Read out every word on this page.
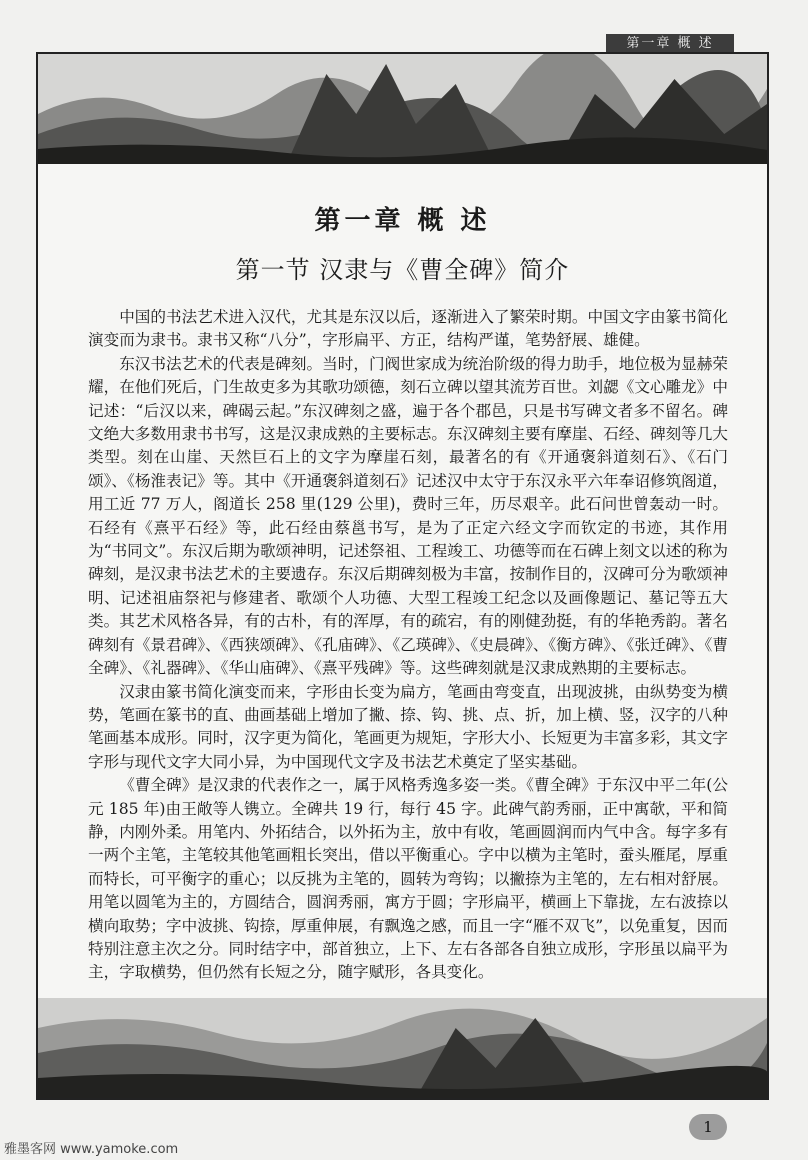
第一章 概 述
第一章 概 述
第一节 汉隶与《曹全碑》简介

中国的书法艺术进入汉代，尤其是东汉以后，逐渐进入了繁荣时期。中国文字由篆书简化演变而为隶书。隶书又称“八分”，字形扁平、方正，结构严谨，笔势舒展、雄健。

东汉书法艺术的代表是碑刻。当时，门阀世家成为统治阶级的得力助手，地位极为显赫荣耀，在他们死后，门生故吏多为其歌功颂德，刻石立碑以望其流芳百世。刘勰《文心雕龙》中记述：“后汉以来，碑碣云起。”东汉碑刻之盛，遍于各个郡邑，只是书写碑文者多不留名。碑文绝大多数用隶书书写，这是汉隶成熟的主要标志。东汉碑刻主要有摩崖、石经、碑刻等几大类型。刻在山崖、天然巨石上的文字为摩崖石刻，最著名的有《开通褒斜道刻石》、《石门颂》、《杨淮表记》等。其中《开通褒斜道刻石》记述汉中太守于东汉永平六年奉诏修筑阁道，用工近 77 万人，阁道长 258 里(129 公里)，费时三年，历尽艰辛。此石问世曾轰动一时。石经有《熹平石经》等，此石经由蔡邕书写，是为了正定六经文字而钦定的书迹，其作用为“书同文”。东汉后期为歌颂神明，记述祭祖、工程竣工、功德等而在石碑上刻文以述的称为碑刻，是汉隶书法艺术的主要遗存。东汉后期碑刻极为丰富，按制作目的，汉碑可分为歌颂神明、记述祖庙祭祀与修建者、歌颂个人功德、大型工程竣工纪念以及画像题记、墓记等五大类。其艺术风格各异，有的古朴，有的浑厚，有的疏宕，有的刚健劲挺，有的华艳秀韵。著名碑刻有《景君碑》、《西狭颂碑》、《孔庙碑》、《乙瑛碑》、《史晨碑》、《衡方碑》、《张迁碑》、《曹全碑》、《礼器碑》、《华山庙碑》、《熹平残碑》等。这些碑刻就是汉隶成熟期的主要标志。

汉隶由篆书简化演变而来，字形由长变为扁方，笔画由弯变直，出现波挑，由纵势变为横势，笔画在篆书的直、曲画基础上增加了撇、捺、钩、挑、点、折，加上横、竖，汉字的八种笔画基本成形。同时，汉字更为简化，笔画更为规矩，字形大小、长短更为丰富多彩，其文字字形与现代文字大同小异，为中国现代文字及书法艺术奠定了坚实基础。

《曹全碑》是汉隶的代表作之一，属于风格秀逸多姿一类。《曹全碑》于东汉中平二年(公元 185 年)由王敞等人镌立。全碑共 19 行，每行 45 字。此碑气韵秀丽，正中寓欹，平和简静，内刚外柔。用笔内、外拓结合，以外拓为主，放中有收，笔画圆润而内气中含。每字多有一两个主笔，主笔较其他笔画粗长突出，借以平衡重心。字中以横为主笔时，蚕头雁尾，厚重而特长，可平衡字的重心；以反挑为主笔的，圆转为弯钩；以撇捺为主笔的，左右相对舒展。用笔以圆笔为主的，方圆结合，圆润秀丽，寓方于圆；字形扁平，横画上下靠拢，左右波捺以横向取势；字中波挑、钩捺，厚重伸展，有飘逸之感，而且一字“雁不双飞”，以免重复，因而特别注意主次之分。同时结字中，部首独立，上下、左右各部各自独立成形，字形虽以扁平为主，字取横势，但仍然有长短之分，随字赋形，各具变化。

1
雅墨客网 www.yamoke.com
